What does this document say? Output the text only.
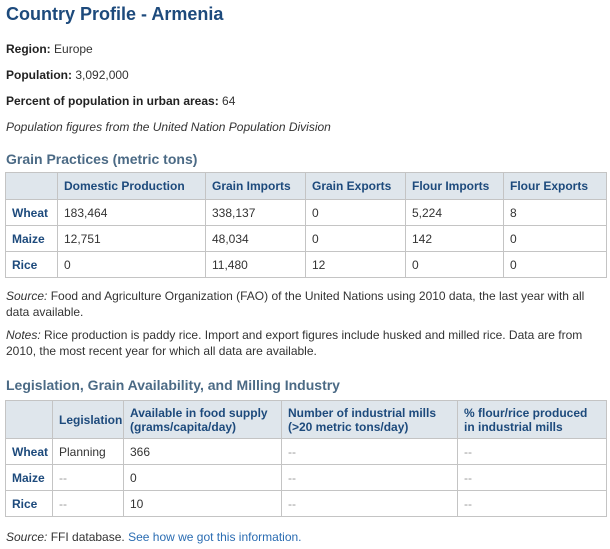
Country Profile - Armenia

Region: Europe

Population: 3,092,000

Percent of population in urban areas: 64

Population figures from the United Nation Population Division

Grain Practices (metric tons)
	Domestic Production	Grain Imports	Grain Exports	Flour Imports	Flour Exports
Wheat	183,464	338,137	0	5,224	8
Maize	12,751	48,034	0	142	0
Rice	0	11,480	12	0	0

Source: Food and Agriculture Organization (FAO) of the United Nations using 2010 data, the last year with all data available.

Notes: Rice production is paddy rice. Import and export figures include husked and milled rice. Data are from 2010, the most recent year for which all data are available.

Legislation, Grain Availability, and Milling Industry
	Legislation	Available in food supply (grams/capita/day)	Number of industrial mills (>20 metric tons/day)	% flour/rice produced in industrial mills
Wheat	Planning	366	--	--
Maize	--	0	--	--
Rice	--	10	--	--

Source: FFI database. See how we got this information.
